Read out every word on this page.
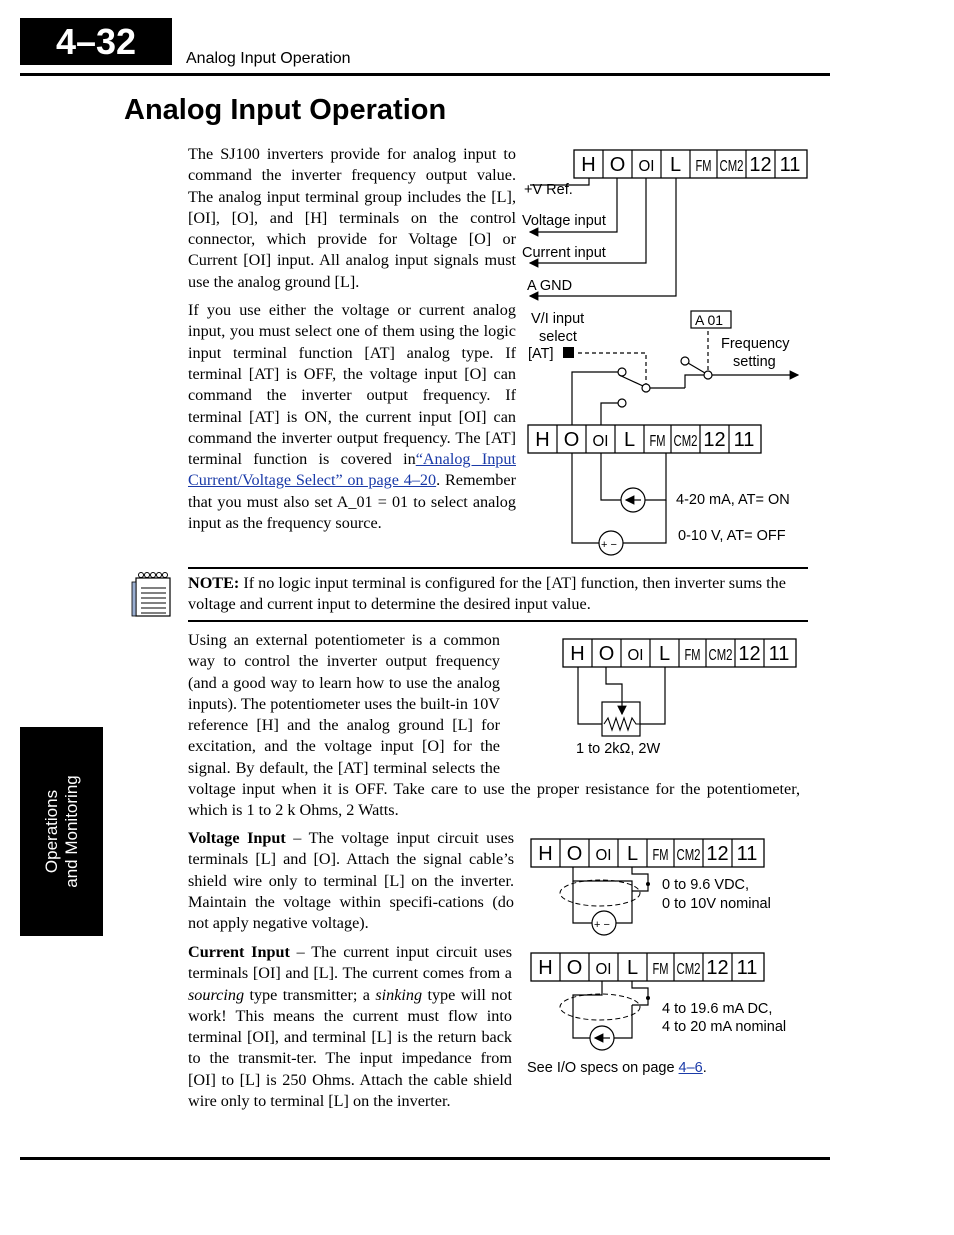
4–32	Analog Input Operation
Analog Input Operation
Operations and Monitoring

The SJ100 inverters provide for analog input to command the inverter frequency output value. The analog input terminal group includes the [L], [OI], [O], and [H] terminals on the control connector, which provide for Voltage [O] or Current [OI] input. All analog input signals must use the analog ground [L].

If you use either the voltage or current analog input, you must select one of them using the logic input terminal function [AT] analog type. If terminal [AT] is OFF, the voltage input [O] can command the inverter output frequency. If terminal [AT] is ON, the current input [OI] can command the inverter output frequency. The [AT] terminal function is covered in“Analog Input Current/Voltage Select” on page 4–20. Remember that you must also set A_01 = 01 to select analog input as the frequency source.

H O OI L FM CM2 12 11
+V Ref.
Voltage input
Current input
A GND
V/I input
select
[AT]
A 01
Frequency
setting
H O OI L FM CM2 12 11
+ −
4-20 mA, AT= ON
0-10 V, AT= OFF

NOTE: If no logic input terminal is configured for the [AT] function, then inverter sums the voltage and current input to determine the desired input value.

Using an external potentiometer is a common way to control the inverter output frequency (and a good way to learn how to use the analog inputs). The potentiometer uses the built-in 10V reference [H] and the analog ground [L] for excitation, and the voltage input [O] for the signal. By default, the [AT] terminal selects the voltage input when it is OFF. Take care to use the proper resistance for the potentiometer, which is 1 to 2 k Ohms, 2 Watts.

H O OI L FM CM2 12 11
1 to 2kΩ, 2W

Voltage Input – The voltage input circuit uses terminals [L] and [O]. Attach the signal cable’s shield wire only to terminal [L] on the inverter. Maintain the voltage within specifi-cations (do not apply negative voltage).

H O OI L FM CM2 12 11
+ −
0 to 9.6 VDC,
0 to 10V nominal

Current Input – The current input circuit uses terminals [OI] and [L]. The current comes from a sourcing type transmitter; a sinking type will not work! This means the current must flow into terminal [OI], and terminal [L] is the return back to the transmit-ter. The input impedance from [OI] to [L] is 250 Ohms. Attach the cable shield wire only to terminal [L] on the inverter.

H O OI L FM CM2 12 11
4 to 19.6 mA DC,
4 to 20 mA nominal
See I/O specs on page 4–6.
